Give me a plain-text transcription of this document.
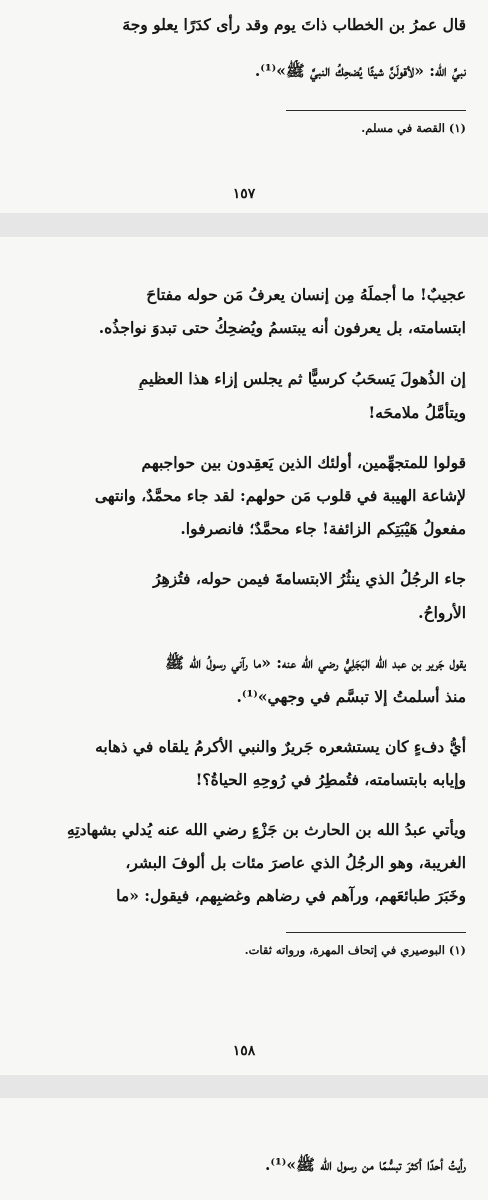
قال عمرُ بن الخطاب ذاتَ يوم وقد رأى كدَرًا يعلو وجهَ
نبيِّ الله: «لأقولَنَّ شيئًا يُضحِكُ النبيَّ ﷺ»⁽¹⁾.
(١) القصة في مسلم.
١٥٧
عجيبٌ! ما أجملَهُ مِن إنسان يعرفُ مَن حوله مفتاحَ
ابتسامته، بل يعرفون أنه يبتسمُ ويُضحِكُ حتى تبدوَ نواجذُه.
إن الذُهولَ يَسحَبُ كرسيًّا ثم يجلس إزاء هذا العظيمِ
ويتأمَّلُ ملامحَه!
قولوا للمتجهِّمين، أولئك الذين يَعقِدون بين حواجبهم
لإشاعة الهيبة في قلوب مَن حولهم: لقد جاء محمَّدٌ، وانتهى
مفعولُ هَيْبَتِكم الزائفة! جاء محمَّدٌ؛ فانصرفوا.
جاء الرجُلُ الذي ينثُرُ الابتسامةَ فيمن حوله، فتُزهِرُ
الأرواحُ.
يقول جَرير بن عبد الله البَجَلِيُّ رضي الله عنه: «ما رآني رسولُ الله ﷺ
منذ أسلمتُ إلا تبسَّم في وجهي»⁽¹⁾.
أيُّ دفءٍ كان يستشعره جَريرٌ والنبي الأكرمُ يلقاه في ذهابه
وإيابه بابتسامته، فتُمطِرُ في رُوحِهِ الحياةُ؟!
ويأتي عبدُ الله بن الحارث بن جَزْءٍ رضي الله عنه يُدلي بشهادتِهِ
الغريبة، وهو الرجُلُ الذي عاصرَ مئات بل ألوفَ البشر،
وخَبَرَ طبائعَهم، ورآهم في رضاهم وغضبِهم، فيقول: «ما
(١) البوصيري في إتحاف المهرة، ورواته ثقات.
١٥٨
رأيتُ أحدًا أكثرَ تبسُّمًا من رسول الله ﷺ»⁽¹⁾.
